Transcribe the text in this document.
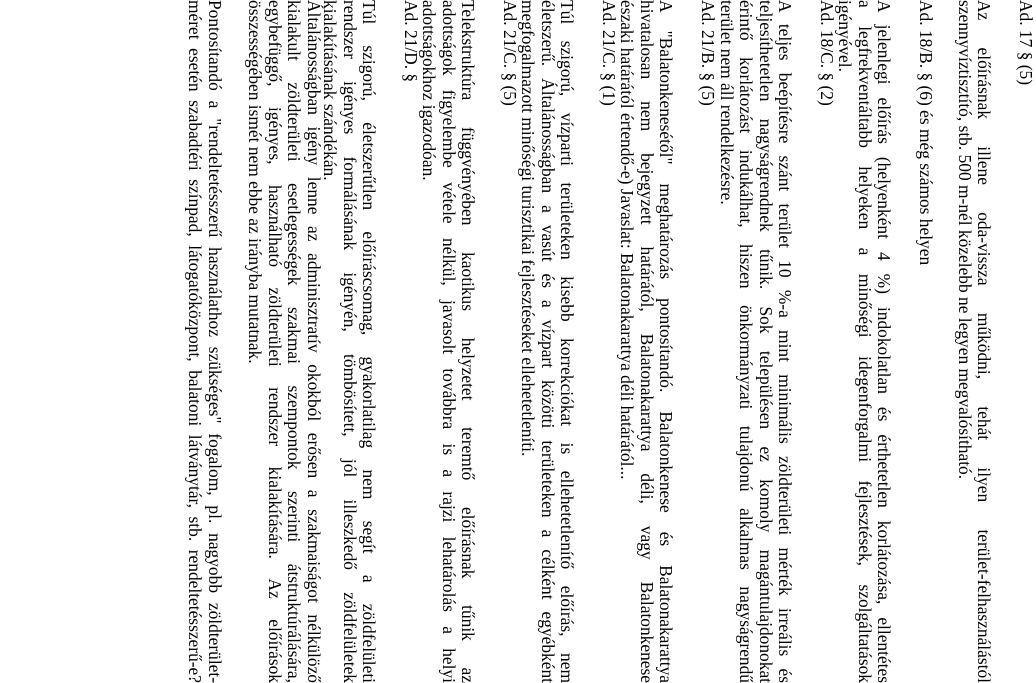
Ad. 17 § (5)
Az előírásnak illene oda-vissza működni, tehát ilyen terület-felhasználástól
szennyvíztisztító, stb. 500 m-nél közelebb ne legyen megvalósítható.
Ad. 18/B. § (6) és még számos helyen
A jelenlegi előírás (helyenként 4 %) indokolatlan és érthetetlen korlátozása, ellentétes
a legfrekventáltabb helyeken a minőségi idegenforgalmi fejlesztések, szolgáltatások
igényével.
Ad. 18/C. § (2)
A teljes beépítésre szánt terület 10 %-a mint minimális zöldterületi mérték irreális és
teljesíthetetlen nagyságrendnek tűnik. Sok településen ez komoly magántulajdonokat
érintő korlátozást indukálhat, hiszen önkormányzati tulajdonú alkalmas nagyságrendű
terület nem áll rendelkezésre.
Ad. 21/B. § (5)
A "Balatonkenesétől" meghatározás pontosítandó. Balatonkenese és Balatonakarattya
hivatalosan nem bejegyzett határától, Balatonakarattya déli, vagy Balatonkenese
északi határától értendő-e) Javaslat: Balatonakarattya déli határától...
Ad. 21/C. § (1)
Túl szigorú, vízparti területeken kisebb korrekciókat is ellehetetlenítő előírás, nem
életszerű. Általánosságban a vasút és a vízpart közötti területeken a célként egyébként
megfogalmazott minőségi turisztikai fejlesztéseket ellehetetleníti.
Ad. 21/C. § (5)
Telekstruktúra függvényében kaotikus helyzetet teremtő előírásnak tűnik az
adottságok figyelembe vétele nélkül, javasolt továbbra is a rajzi lehatárolás a helyi
adottságokhoz igazodóan.
Ad. 21/D. §
Túl szigorú, életszerűtlen előíráscsomag, gyakorlatilag nem segít a zöldfelületi
rendszer igényes formálásának igényén, tömbösített, jól illeszkedő zöldfelületek
kialakításának szándékán.
Általánosságban igény lenne az adminisztratív okokból erősen a szakmaiságot nélkülöző
kialakult zöldterületi esetlegességek szakmai szempontok szerinti átstruktúrálására,
egybefüggő, igényes, használható zöldterületi rendszer kialakítására. Az előírások
összességében ismét nem ebbe az irányba mutatnak.
Pontosítandó a "rendeltetésszerű használathoz szükséges" fogalom, pl. nagyobb zöldterület-
méret esetén szabadtéri színpad, látogatóközpont, balatoni látványtár, stb. rendeltetésszerű-e?
